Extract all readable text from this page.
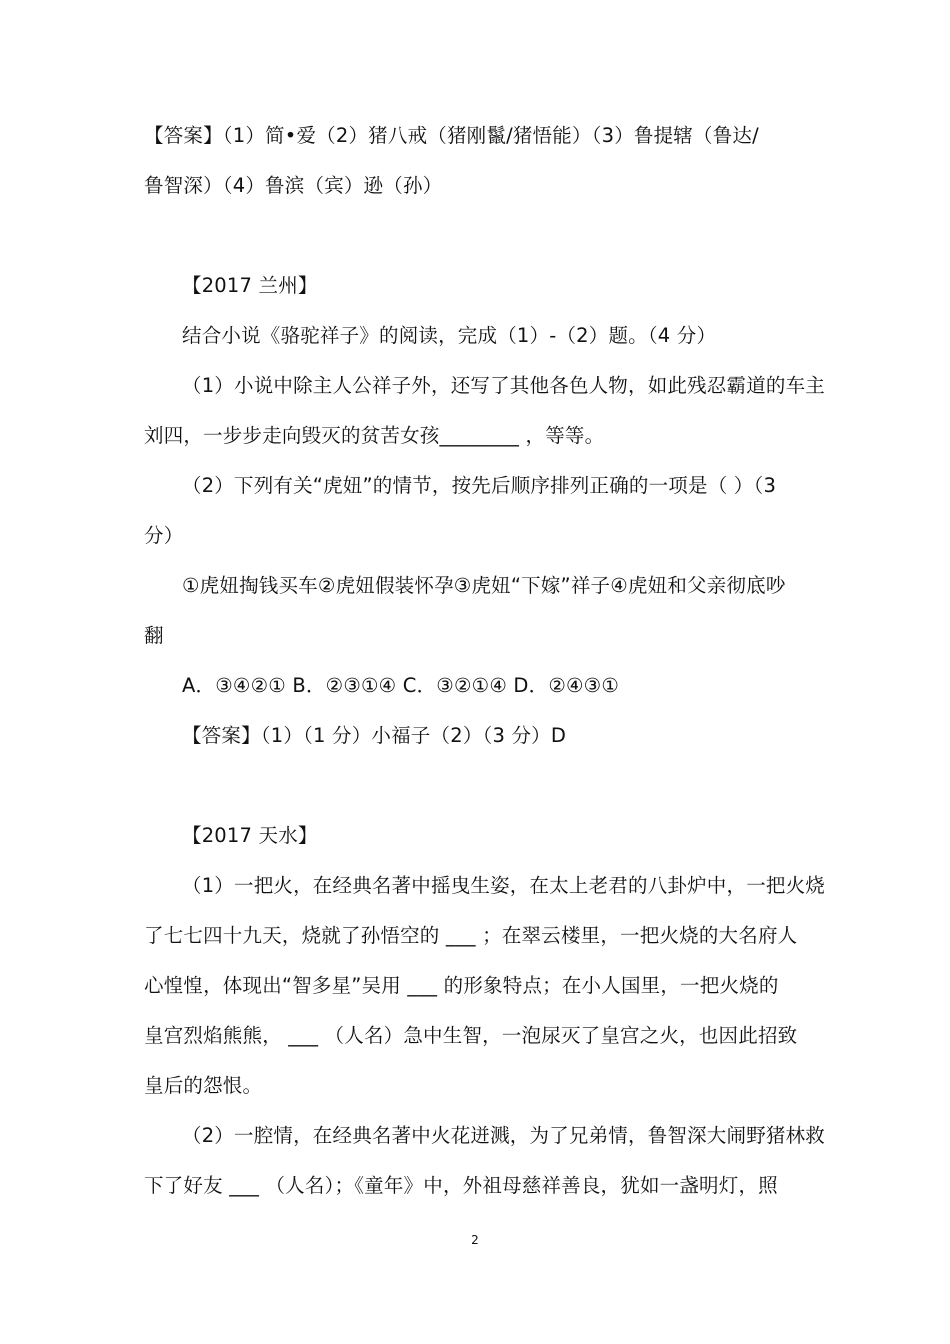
【答案】（1）简•爱（2）猪八戒（猪刚鬣/猪悟能）（3）鲁提辖（鲁达/
鲁智深）（4）鲁滨（宾）逊（孙）
【2017 兰州】
结合小说《骆驼祥子》的阅读，完成（1）-（2）题。（4 分）
（1）小说中除主人公祥子外，还写了其他各色人物，如此残忍霸道的车主
刘四，一步步走向毁灭的贫苦女孩________ ，等等。
（2）下列有关“虎妞”的情节，按先后顺序排列正确的一项是（ ）（3
分）
①虎妞掏钱买车②虎妞假装怀孕③虎妞“下嫁”祥子④虎妞和父亲彻底吵
翻
A．③④②① B．②③①④ C．③②①④ D．②④③①
【答案】（1）（1 分）小福子（2）（3 分）D
【2017 天水】
（1）一把火，在经典名著中摇曳生姿，在太上老君的八卦炉中，一把火烧
了七七四十九天，烧就了孙悟空的 ___ ；在翠云楼里，一把火烧的大名府人
心惶惶，体现出“智多星”吴用 ___ 的形象特点；在小人国里，一把火烧的
皇宫烈焰熊熊， ___ （人名）急中生智，一泡尿灭了皇宫之火，也因此招致
皇后的怨恨。
（2）一腔情，在经典名著中火花迸溅，为了兄弟情，鲁智深大闹野猪林救
下了好友 ___ （人名）；《童年》中，外祖母慈祥善良，犹如一盏明灯，照
2
